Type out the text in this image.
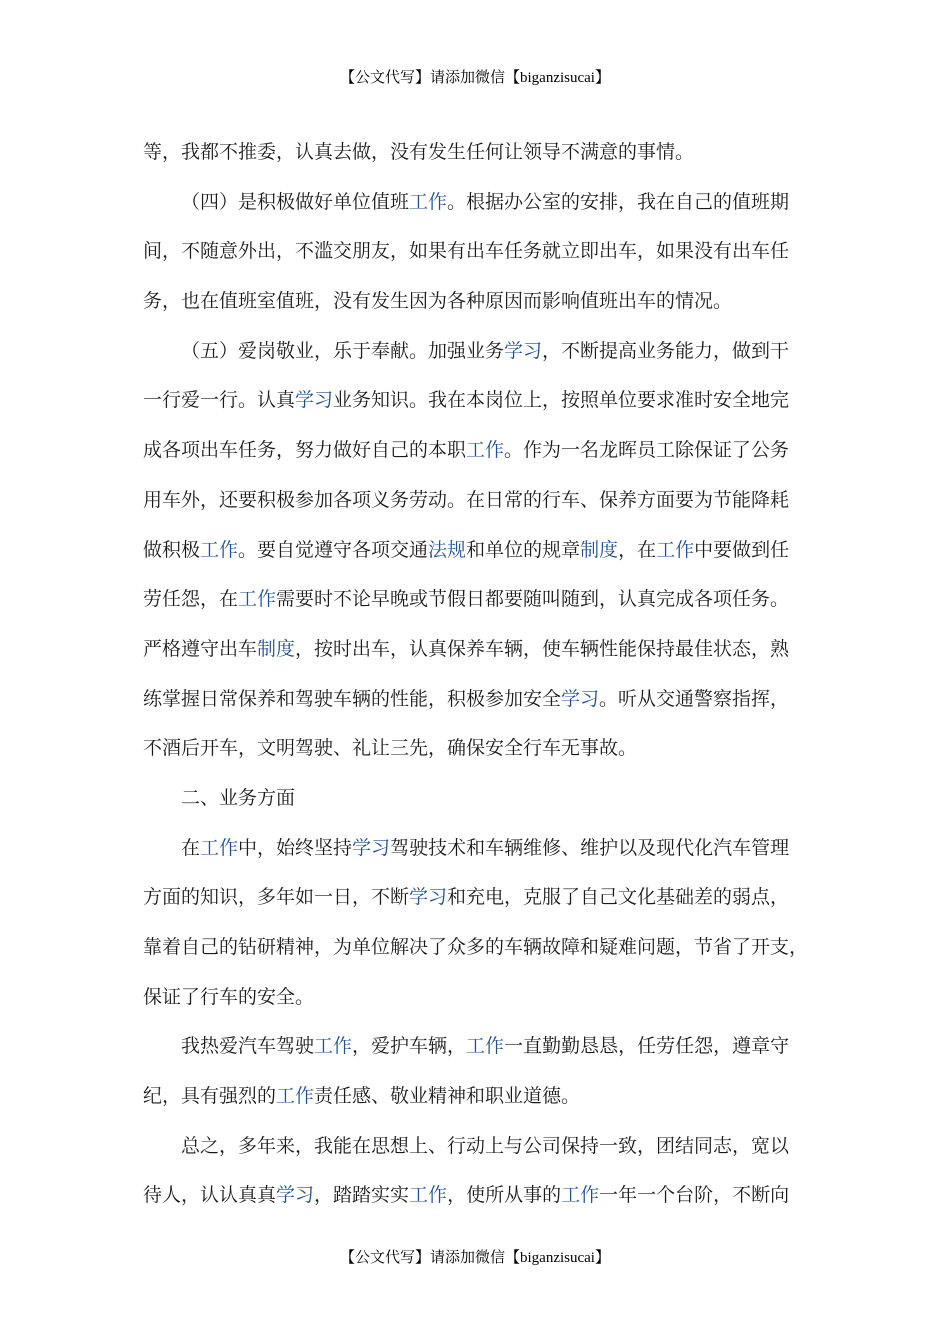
【公文代写】请添加微信【biganzisucai】
等，我都不推委，认真去做，没有发生任何让领导不满意的事情。
（四）是积极做好单位值班工作。根据办公室的安排，我在自己的值班期
间，不随意外出，不滥交朋友，如果有出车任务就立即出车，如果没有出车任
务，也在值班室值班，没有发生因为各种原因而影响值班出车的情况。
（五）爱岗敬业，乐于奉献。加强业务学习，不断提高业务能力，做到干
一行爱一行。认真学习业务知识。我在本岗位上，按照单位要求准时安全地完
成各项出车任务，努力做好自己的本职工作。作为一名龙晖员工除保证了公务
用车外，还要积极参加各项义务劳动。在日常的行车、保养方面要为节能降耗
做积极工作。要自觉遵守各项交通法规和单位的规章制度，在工作中要做到任
劳任怨，在工作需要时不论早晚或节假日都要随叫随到，认真完成各项任务。
严格遵守出车制度，按时出车，认真保养车辆，使车辆性能保持最佳状态，熟
练掌握日常保养和驾驶车辆的性能，积极参加安全学习。听从交通警察指挥，
不酒后开车，文明驾驶、礼让三先，确保安全行车无事故。
二、业务方面
在工作中，始终坚持学习驾驶技术和车辆维修、维护以及现代化汽车管理
方面的知识，多年如一日，不断学习和充电，克服了自己文化基础差的弱点，
靠着自己的钻研精神，为单位解决了众多的车辆故障和疑难问题，节省了开支，
保证了行车的安全。
我热爱汽车驾驶工作，爱护车辆，工作一直勤勤恳恳，任劳任怨，遵章守
纪，具有强烈的工作责任感、敬业精神和职业道德。
总之，多年来，我能在思想上、行动上与公司保持一致，团结同志，宽以
待人，认认真真学习，踏踏实实工作，使所从事的工作一年一个台阶，不断向
【公文代写】请添加微信【biganzisucai】
